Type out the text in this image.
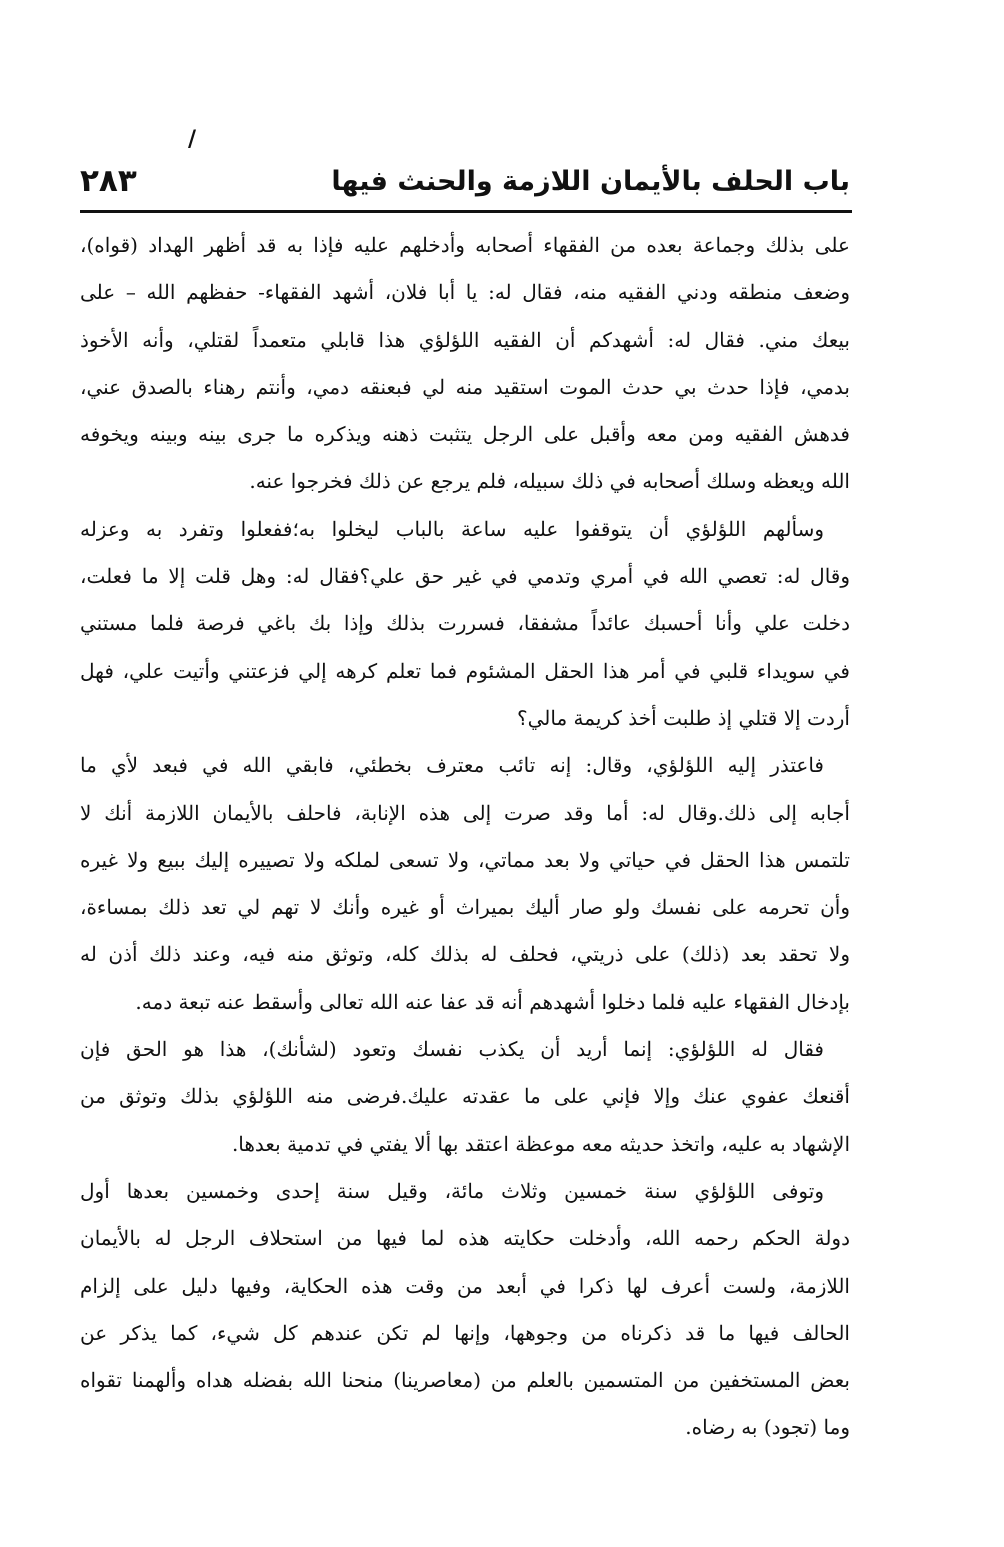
/
باب الحلف بالأيمان اللازمة والحنث فيها
٢٨٣
على بذلك وجماعة بعده من الفقهاء أصحابه وأدخلهم عليه فإذا به قد أظهر الهداد (قواه)،
وضعف منطقه ودني الفقيه منه، فقال له: يا أبا فلان، أشهد الفقهاء- حفظهم الله – على
بيعك مني. فقال له: أشهدكم أن الفقيه اللؤلؤي هذا قابلي متعمداً لقتلي، وأنه الأخوذ
بدمي، فإذا حدث بي حدث الموت استقيد منه لي فبعنقه دمي، وأنتم رهناء بالصدق عني،
فدهش الفقيه ومن معه وأقبل على الرجل يتثبت ذهنه ويذكره ما جرى بينه وبينه ويخوفه
الله ويعظه وسلك أصحابه في ذلك سبيله، فلم يرجع عن ذلك فخرجوا عنه.
وسألهم اللؤلؤي أن يتوقفوا عليه ساعة بالباب ليخلوا به؛ففعلوا وتفرد به وعزله
وقال له: تعصي الله في أمري وتدمي في غير حق علي؟فقال له: وهل قلت إلا ما فعلت،
دخلت علي وأنا أحسبك عائداً مشفقا، فسررت بذلك وإذا بك باغي فرصة فلما مستني
في سويداء قلبي في أمر هذا الحقل المشئوم فما تعلم كرهه إلي فزعتني وأتيت علي، فهل
أردت إلا قتلي إذ طلبت أخذ كريمة مالي؟
فاعتذر إليه اللؤلؤي، وقال: إنه تائب معترف بخطئي، فابقي الله في فبعد لأي ما
أجابه إلى ذلك.وقال له: أما وقد صرت إلى هذه الإنابة، فاحلف بالأيمان اللازمة أنك لا
تلتمس هذا الحقل في حياتي ولا بعد مماتي، ولا تسعى لملكه ولا تصييره إليك ببيع ولا غيره
وأن تحرمه على نفسك ولو صار أليك بميراث أو غيره وأنك لا تهم لي تعد ذلك بمساءة،
ولا تحقد بعد (ذلك) على ذريتي، فحلف له بذلك كله، وتوثق منه فيه، وعند ذلك أذن له
بإدخال الفقهاء عليه فلما دخلوا أشهدهم أنه قد عفا عنه الله تعالى وأسقط عنه تبعة دمه.
فقال له اللؤلؤي: إنما أريد أن يكذب نفسك وتعود (لشأنك)، هذا هو الحق فإن
أقنعك عفوي عنك وإلا فإني على ما عقدته عليك.فرضى منه اللؤلؤي بذلك وتوثق من
الإشهاد به عليه، واتخذ حديثه معه موعظة اعتقد بها ألا يفتي في تدمية بعدها.
وتوفى اللؤلؤي سنة خمسين وثلاث مائة، وقيل سنة إحدى وخمسين بعدها أول
دولة الحكم رحمه الله، وأدخلت حكايته هذه لما فيها من استحلاف الرجل له بالأيمان
اللازمة، ولست أعرف لها ذكرا في أبعد من وقت هذه الحكاية، وفيها دليل على إلزام
الحالف فيها ما قد ذكرناه من وجوهها، وإنها لم تكن عندهم كل شيء، كما يذكر عن
بعض المستخفين من المتسمين بالعلم من (معاصرينا) منحنا الله بفضله هداه وألهمنا تقواه
وما (تجود) به رضاه.
